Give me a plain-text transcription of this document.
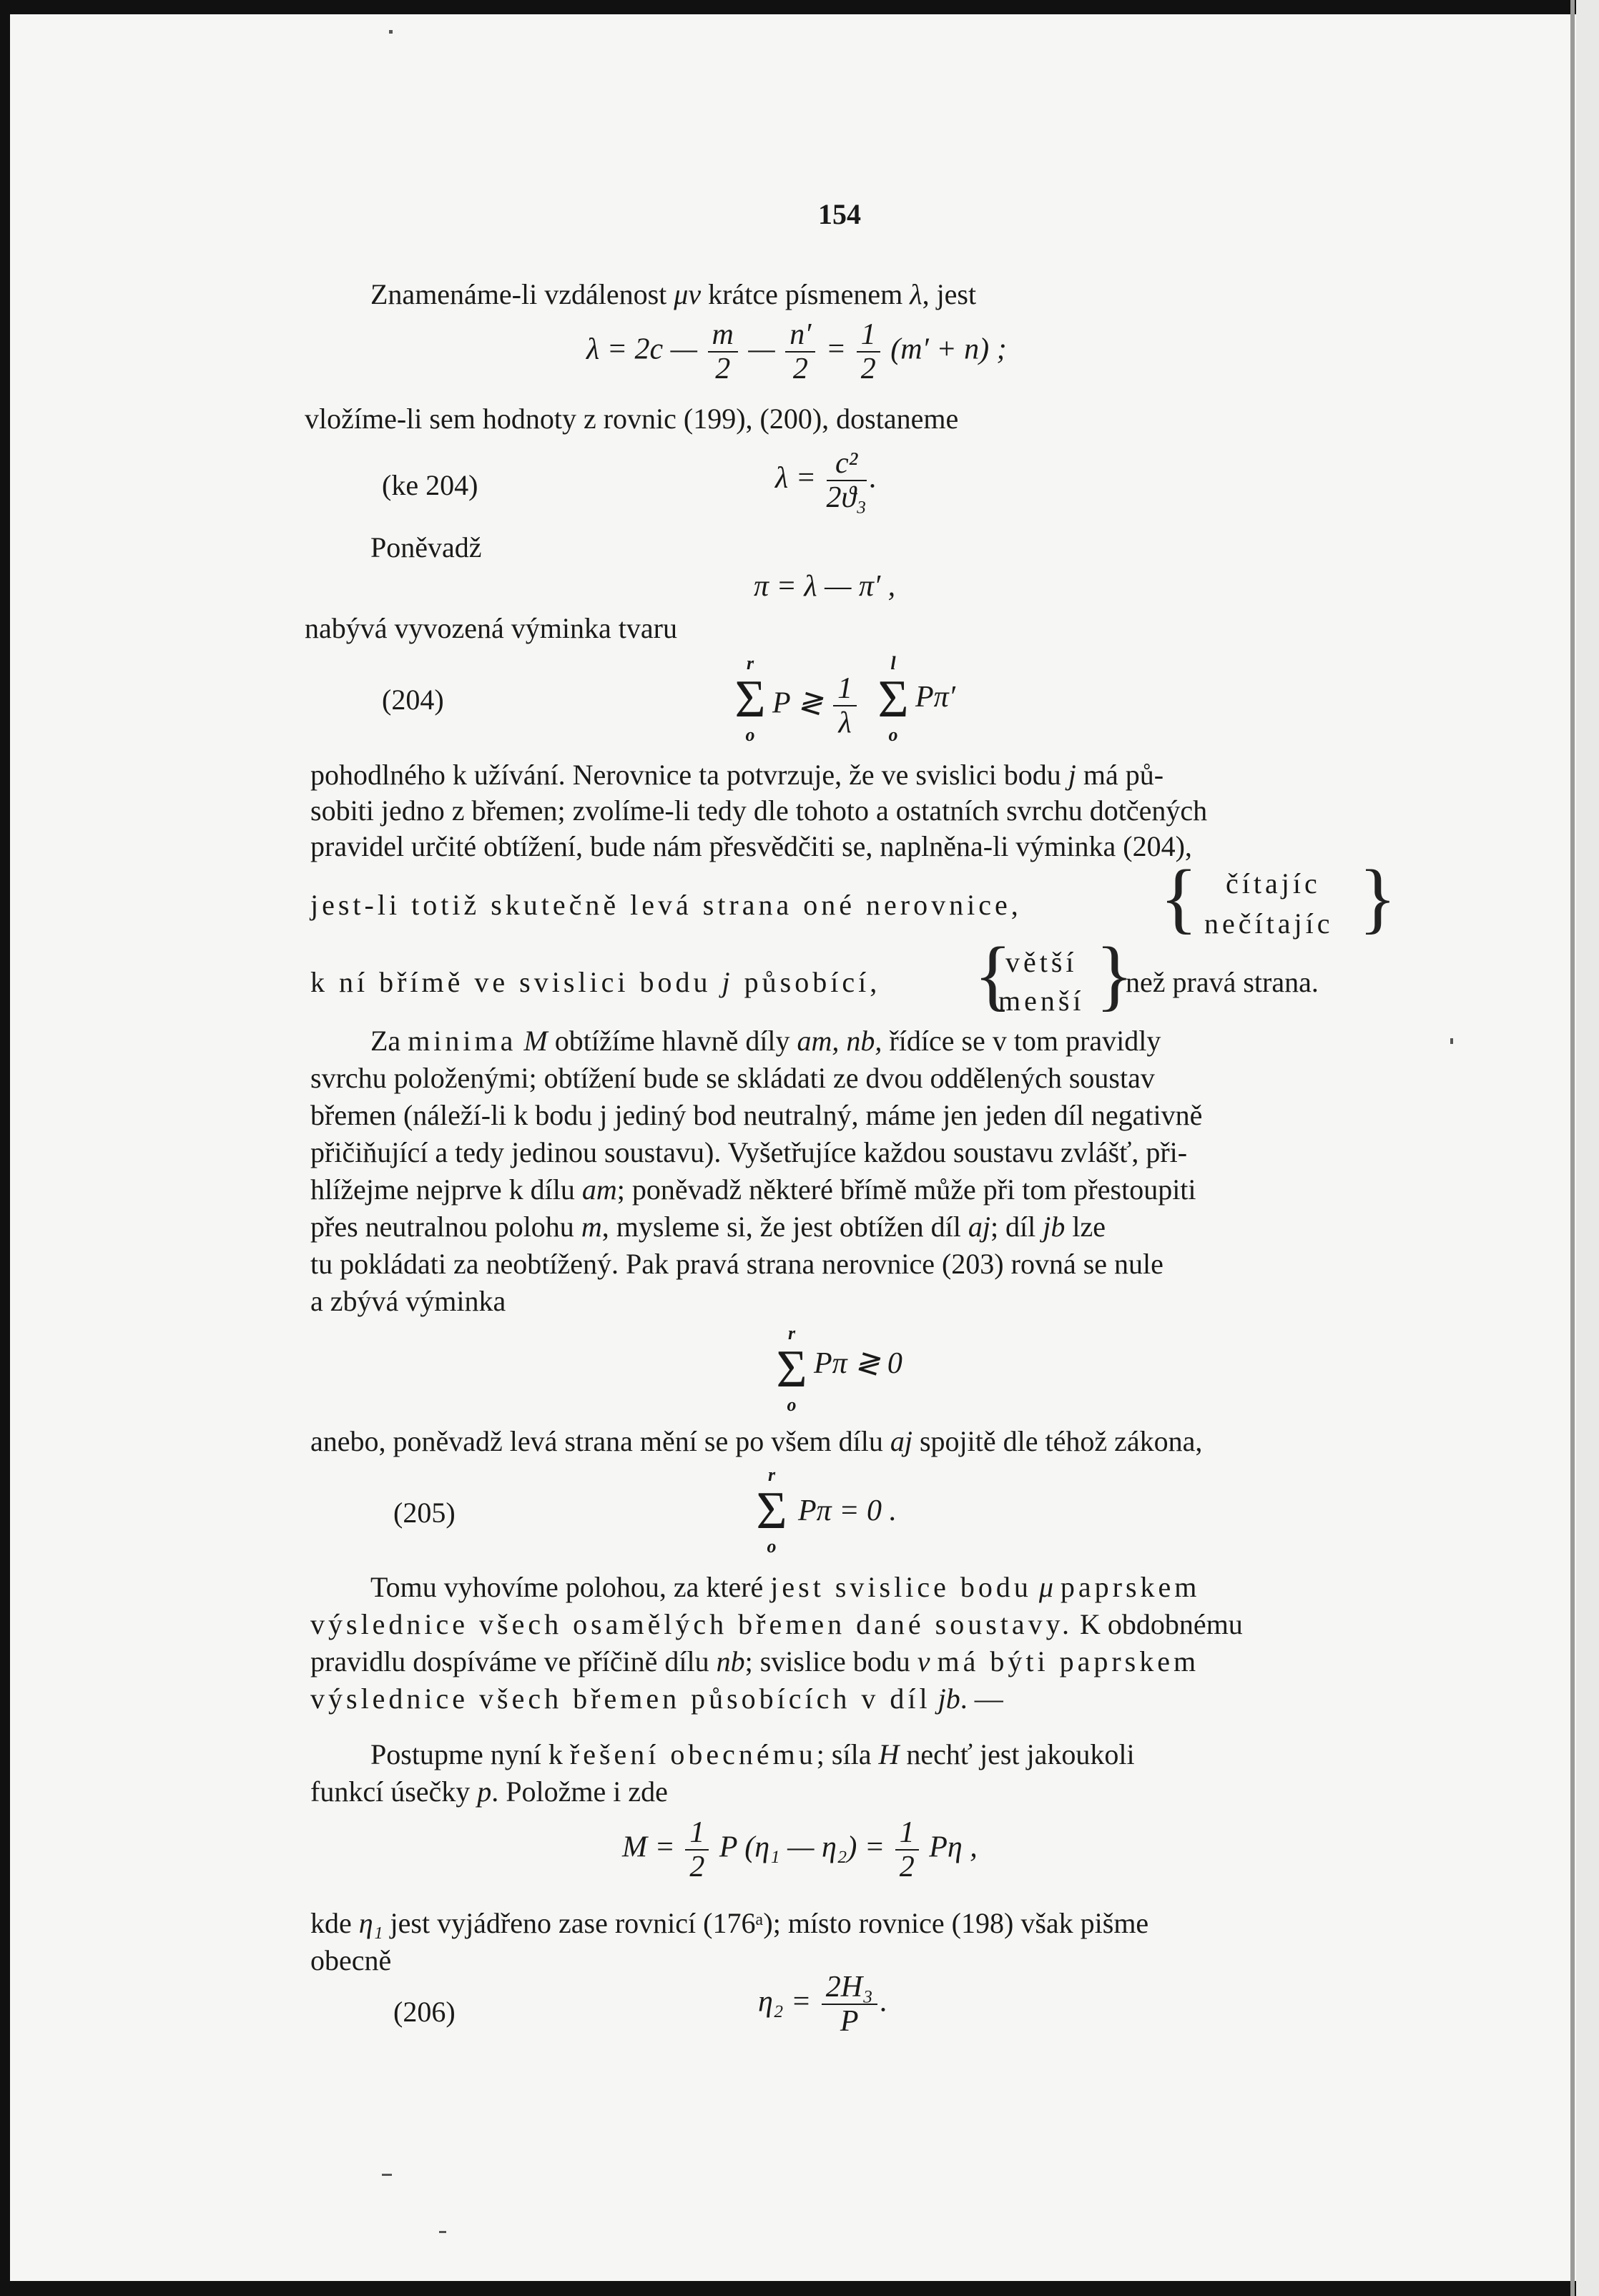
154
Znamenáme-li vzdálenost μν krátce písmenem λ, jest
λ = 2c — $\frac{m}{2}$ — $\frac{n'}{2} = \frac{1}{2} (m' + n)$ ;
vložíme-li sem hodnoty z rovnic (199), (200), dostaneme
(ke 204)	$\lambda = \frac{\text{c²}}{\text{2ϑ₃}}$ .
Poněvadž
π = λ — π′ ,
nabývá vyvozená výminka tvaru
(204)
r
Σ
o
P ≷ $\frac{1}{\lambda}$
l
Σ
o
Pπ′
pohodlného k užívání. Nerovnice ta potvrzuje, že ve svislici bodu j má pů-
sobiti jedno z břemen; zvolíme-li tedy dle tohoto a ostatních svrchu dotčených
pravidel určité obtížení, bude nám přesvědčiti se, naplněna-li výminka (204),
jest-li totiž skutečně levá strana oné nerovnice, { čítajíc
nečítajíc }
k ní břímě ve svislici bodu j působící, {
větší
menší }
než pravá strana.
Za minima M obtížíme hlavně díly am, nb, řídíce se v tom pravidly
svrchu položenými; obtížení bude se skládati ze dvou oddělených soustav
břemen (náleží-li k bodu j jediný bod neutralný, máme jen jeden díl negativně
přičiňující a tedy jedinou soustavu). Vyšetřujíce každou soustavu zvlášť, při-
hlížejme nejprve k dílu am; poněvadž některé břímě může při tom přestoupiti
přes neutralnou polohu m, mysleme si, že jest obtížen díl aj; díl jb lze
tu pokládati za neobtížený. Pak pravá strana nerovnice (203) rovná se nule
a zbývá výminka
r
Σ
o
Pπ ≷ 0
anebo, poněvadž levá strana mění se po všem dílu aj spojitě dle téhož zákona,
(205)
r
Σ
o
Pπ = 0 .
Tomu vyhovíme polohou, za které jest svislice bodu μ paprskem
výslednice všech osamělých břemen dané soustavy. K obdobnému
pravidlu dospíváme ve příčině dílu nb; svislice bodu ν má býti paprskem
výslednice všech břemen působících v díl jb. —
Postupme nyní k řešení obecnému; síla H nechť jest jakoukoli
funkcí úsečky p. Položme i zde
$M = \frac{1}{2}$ P (η₁ — $\eta_2) = \frac{1}{2}$ Pη ,
kde η₁ jest vyjádřeno zase rovnicí (176ᵃ); místo rovnice (198) však pišme
obecně
(206)	$\eta_2 = \frac{\text{2H₃}}{P}$ .
